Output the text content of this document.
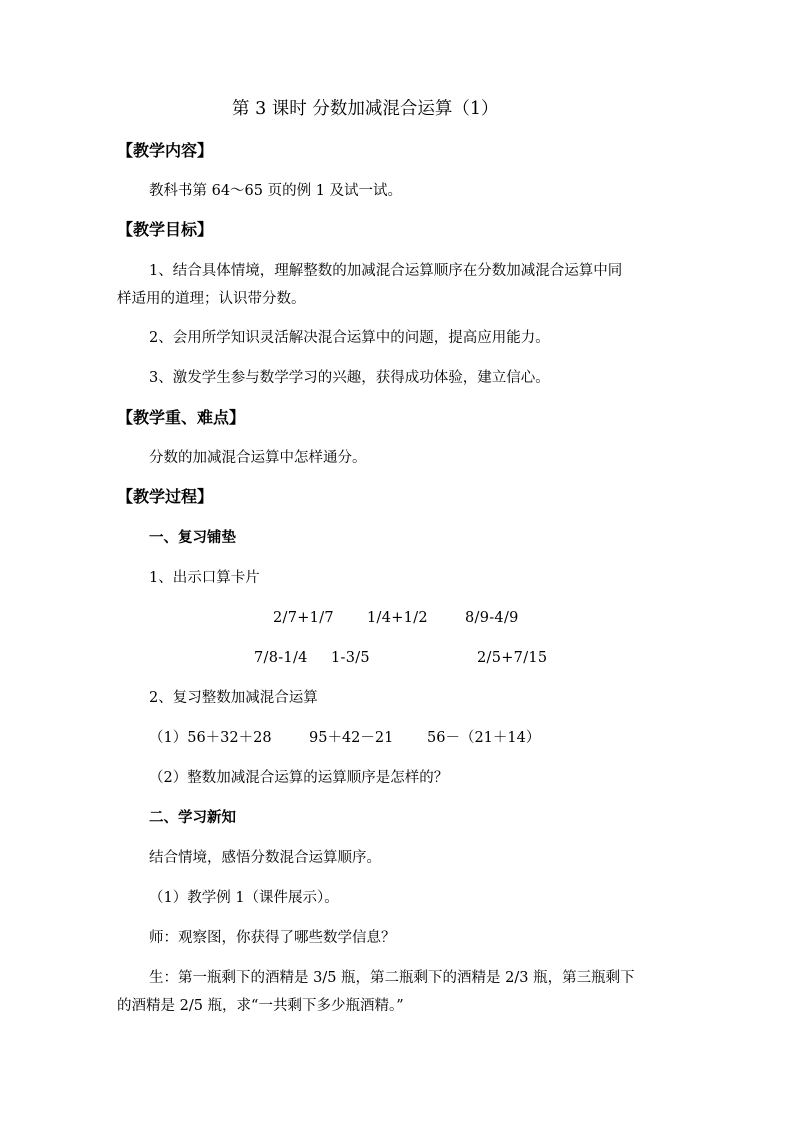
第 3 课时 分数加减混合运算（1）
【教学内容】
教科书第 64～65 页的例 1 及试一试。
【教学目标】
1、结合具体情境，理解整数的加减混合运算顺序在分数加减混合运算中同
样适用的道理；认识带分数。
2、会用所学知识灵活解决混合运算中的问题，提高应用能力。
3、激发学生参与数学学习的兴趣，获得成功体验，建立信心。
【教学重、难点】
分数的加减混合运算中怎样通分。
【教学过程】
一、复习铺垫
1、出示口算卡片
2/7+1/7 1/4+1/2	8/9-4/9
7/8-1/4 1-3/5	2/5+7/15
2、复习整数加减混合运算
（1）56＋32＋28	95＋42－21 56－（21＋14）
（2）整数加减混合运算的运算顺序是怎样的？
二、学习新知
结合情境，感悟分数混合运算顺序。
（1）教学例 1（课件展示）。
师：观察图，你获得了哪些数学信息？
生：第一瓶剩下的酒精是 3/5 瓶，第二瓶剩下的酒精是 2/3 瓶，第三瓶剩下
的酒精是 2/5 瓶，求“一共剩下多少瓶酒精。”
